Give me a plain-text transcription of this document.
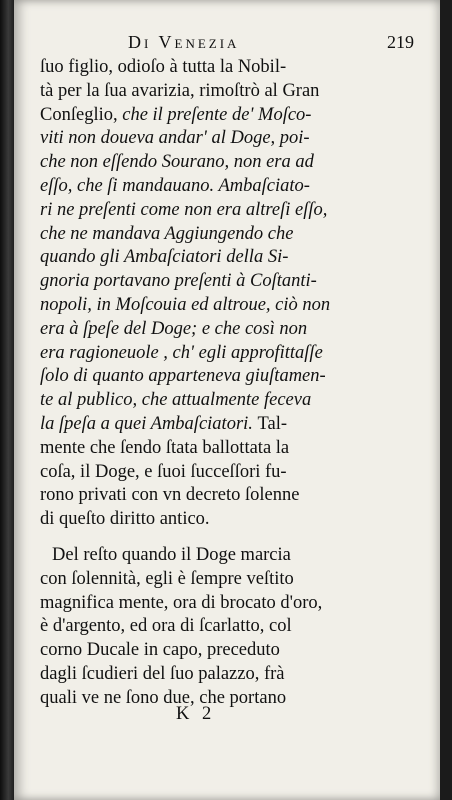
Di Venezia	219
ſuo figlio, odioſo à tutta la Nobil-
tà per la ſua avarizia, rimoſtrò al Gran
Conſeglio, che il preſente de' Moſco-
viti non doueva andar' al Doge, poi-
che non eſſendo Sourano, non era ad
eſſo, che ſi mandauano. Ambaſciato-
ri ne preſenti come non era altreſi eſſo,
che ne mandava Aggiungendo che
quando gli Ambaſciatori della Si-
gnoria portavano preſenti à Coſtanti-
nopoli, in Moſcouia ed altroue, ciò non
era à ſpeſe del Doge; e che così non
era ragioneuole , ch' egli approfittaſſe
ſolo di quanto appartenevа giuſtamen-
te al publico, che attualmente feceva
la ſpeſa a quei Ambaſciatori. Tal-
mente che ſendo ſtata ballottata la
coſa, il Doge, e ſuoi ſucceſſori fu-
rono privati con vn decreto ſolenne
di queſto diritto antico.
Del reſto quando il Doge marcia
con ſolennità, egli è ſempre veſtito
magnifica mente, ora di brocato d'oro,
è d'argento, ed ora di ſcarlatto, col
corno Ducale in capo, preceduto
dagli ſcudieri del ſuo palazzo, frà
quali ve ne ſono due, che portano
K 2
